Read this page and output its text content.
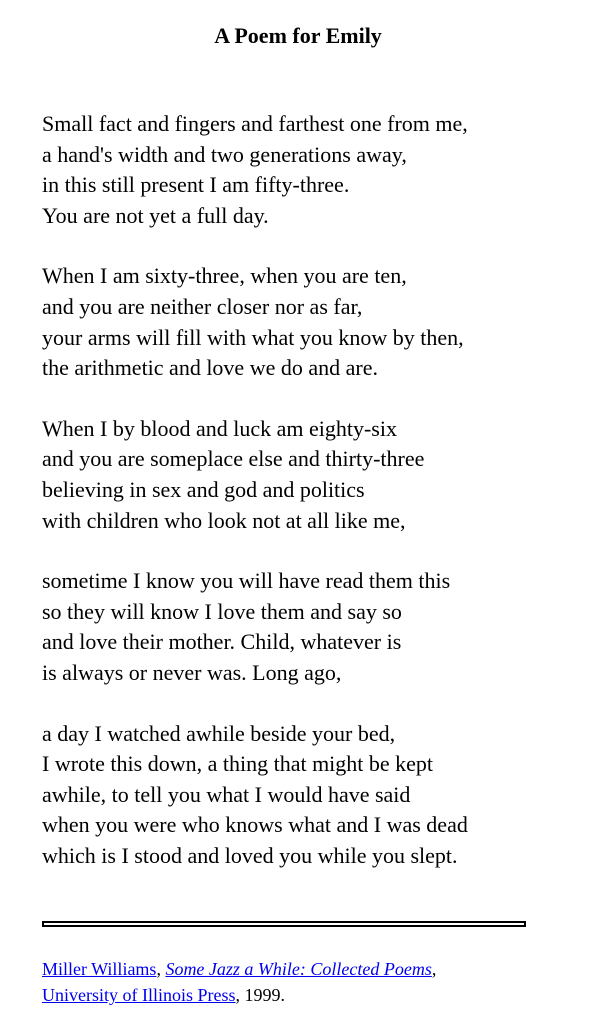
A Poem for Emily

Small fact and fingers and farthest one from me,
a hand's width and two generations away,
in this still present I am fifty-three.
You are not yet a full day.

When I am sixty-three, when you are ten,
and you are neither closer nor as far,
your arms will fill with what you know by then,
the arithmetic and love we do and are.

When I by blood and luck am eighty-six
and you are someplace else and thirty-three
believing in sex and god and politics
with children who look not at all like me,

sometime I know you will have read them this
so they will know I love them and say so
and love their mother. Child, whatever is
is always or never was. Long ago,

a day I watched awhile beside your bed,
I wrote this down, a thing that might be kept
awhile, to tell you what I would have said
when you were who knows what and I was dead
which is I stood and loved you while you slept.

Miller Williams, Some Jazz a While: Collected Poems,
University of Illinois Press, 1999.
